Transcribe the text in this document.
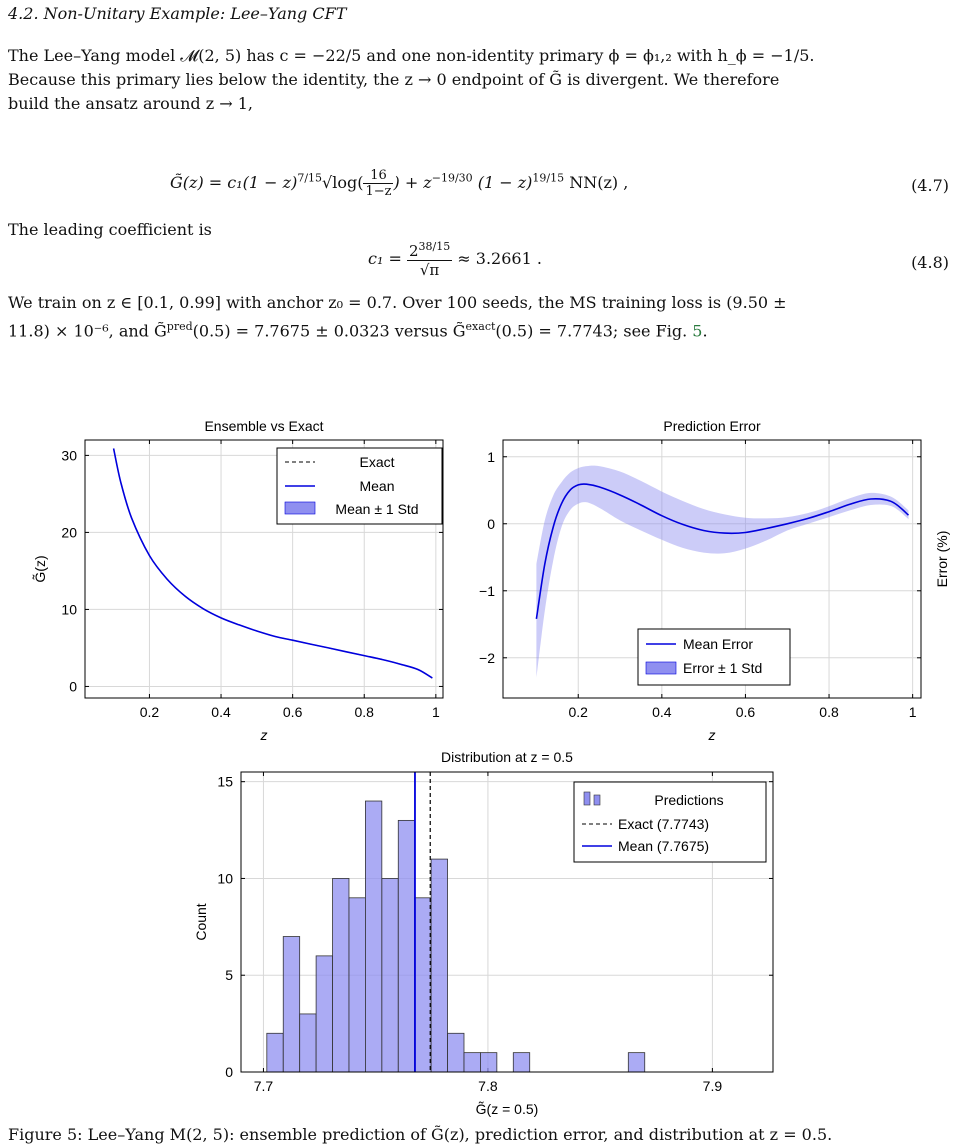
4.2. Non-Unitary Example: Lee–Yang CFT

The Lee–Yang model 𝓜(2, 5) has c = −22/5 and one non-identity primary ϕ = ϕ₁,₂ with h_ϕ = −1/5.
Because this primary lies below the identity, the z → 0 endpoint of G̃ is divergent. We therefore
build the ansatz around z → 1,

G̃(z) = $c_1(1 - z)^{7/15}√\log( \frac{16}{1-z}$ ) + $z^{-19/30}$ $(1 - z)^{19/15}$ NN(z) ,	(4.7)

The leading coefficient is

$c_1 = \frac{2^{38/15}}{√\pi} \approx 3.2661$ .	(4.8)

We train on z ∈ [0.1, 0.99] with anchor z₀ = 0.7. Over 100 seeds, the MS training loss is (9.50 ±
11.8) × 10⁻⁶, and G̃$^{pred}$(0.5) = 7.7675 ± 0.0323 versus G̃$^{exact}$(0.5) = 7.7743; see Fig. 5.

Ensemble vs Exact
0.2	0.4	0.6	0.8	1
0
10
20
30
z
G̃(z)
Exact
Mean
Mean ± 1 Std
Prediction Error
0.2	0.4	0.6	0.8	1
1
0
−1
−2
z
Error (%)
Mean Error
Error ± 1 Std
Distribution at z = 0.5
7.7	7.8	7.9
0
5
10
15
G̃(z = 0.5)
Count
Predictions
Exact (7.7743)
Mean (7.7675)
Figure 5: Lee–Yang M(2, 5): ensemble prediction of G̃(z), prediction error, and distribution at z = 0.5.
